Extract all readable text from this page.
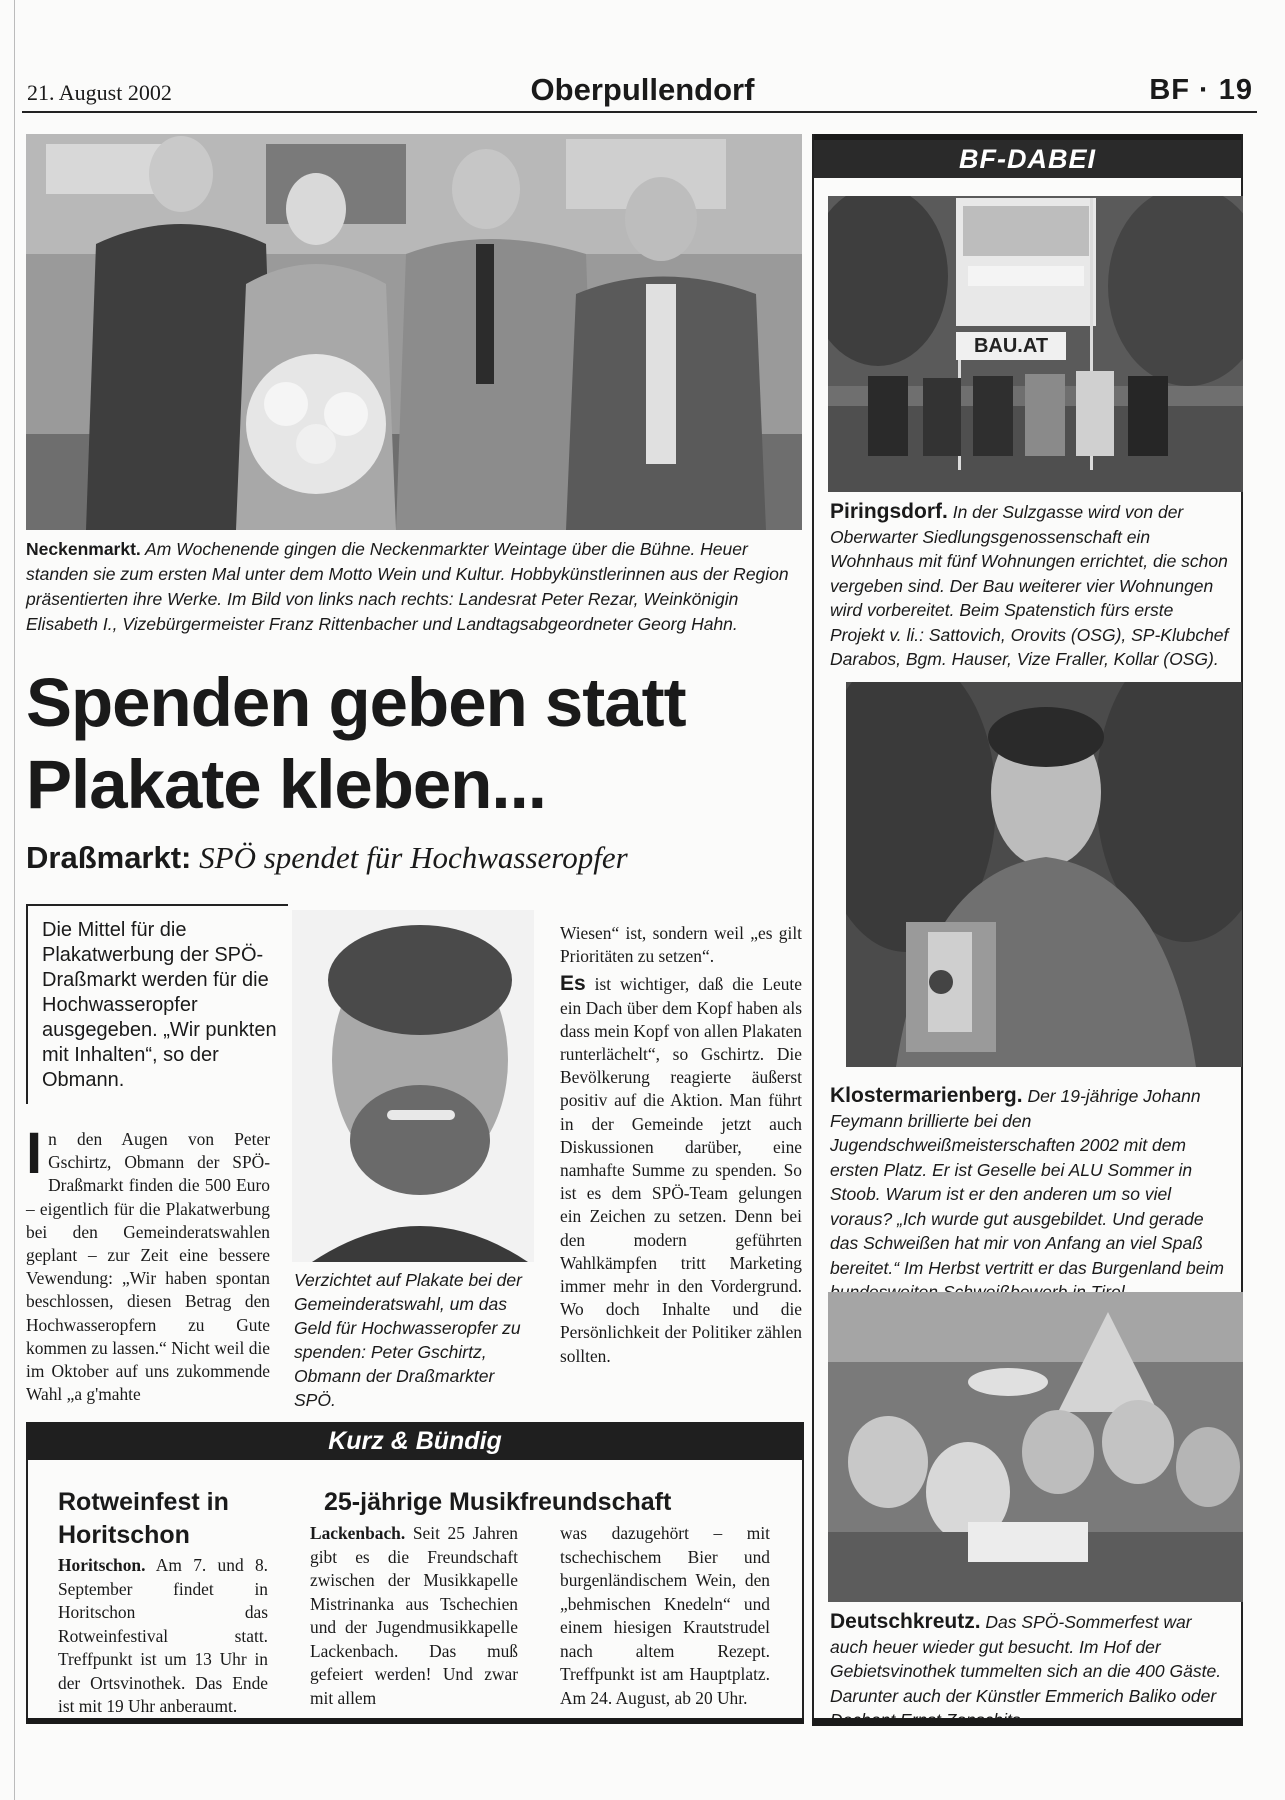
21. August 2002	Oberpullendorf	BF · 19
Neckenmarkt. Am Wochenende gingen die Neckenmarkter Weintage über die Bühne. Heuer standen sie zum ersten Mal unter dem Motto Wein und Kultur. Hobbykünstlerinnen aus der Region präsentierten ihre Werke. Im Bild von links nach rechts: Landesrat Peter Rezar, Weinkönigin Elisabeth I., Vizebürgermeister Franz Rittenbacher und Landtagsabgeordneter Georg Hahn.
Spenden geben statt
Plakate kleben...
Draßmarkt: SPÖ spendet für Hochwasseropfer
Die Mittel für die Plakatwerbung der SPÖ-Draßmarkt werden für die Hochwasseropfer ausgegeben. „Wir punkten mit Inhalten“, so der Obmann.
In den Augen von Peter Gschirtz, Obmann der SPÖ-Draßmarkt finden die 500 Euro – eigentlich für die Plakatwerbung bei den Gemeinderatswahlen geplant – zur Zeit eine bessere Vewendung: „Wir haben spontan beschlossen, diesen Betrag den Hochwasseropfern zu Gute kommen zu lassen.“ Nicht weil die im Oktober auf uns zukommende Wahl „a g'mahte
Verzichtet auf Plakate bei der Gemeinderatswahl, um das Geld für Hochwasseropfer zu spenden: Peter Gschirtz, Obmann der Draßmarkter SPÖ.

Wiesen“ ist, sondern weil „es gilt Prioritäten zu setzen“.

Es ist wichtiger, daß die Leute ein Dach über dem Kopf haben als dass mein Kopf von allen Plakaten runterlächelt“, so Gschirtz. Die Bevölkerung reagierte äußerst positiv auf die Aktion. Man führt in der Gemeinde jetzt auch Diskussionen darüber, eine namhafte Summe zu spenden. So ist es dem SPÖ-Team gelungen ein Zeichen zu setzen. Denn bei den modern geführten Wahlkämpfen tritt Marketing immer mehr in den Vordergrund. Wo doch Inhalte und die Persönlichkeit der Politiker zählen sollten.

Kurz & Bündig
Rotweinfest in Horitschon

Horitschon. Am 7. und 8. September findet in Horitschon das Rotweinfestival statt. Treffpunkt ist um 13 Uhr in der Ortsvinothek. Das Ende ist mit 19 Uhr anberaumt.

25-jährige Musikfreundschaft
Lackenbach. Seit 25 Jahren gibt es die Freundschaft zwischen der Musikkapelle Mistrinanka aus Tschechien und der Jugendmusikkapelle Lackenbach. Das muß gefeiert werden! Und zwar mit allem
was dazugehört – mit tschechischem Bier und burgenländischem Wein, den „behmischen Knedeln“ und einem hiesigen Krautstrudel nach altem Rezept. Treffpunkt ist am Hauptplatz. Am 24. August, ab 20 Uhr.
BF-DABEI
BAU.AT
Piringsdorf. In der Sulzgasse wird von der Oberwarter Siedlungsgenossenschaft ein Wohnhaus mit fünf Wohnungen errichtet, die schon vergeben sind. Der Bau weiterer vier Wohnungen wird vorbereitet. Beim Spatenstich fürs erste Projekt v. li.: Sattovich, Orovits (OSG), SP-Klubchef Darabos, Bgm. Hauser, Vize Fraller, Kollar (OSG).
Klostermarienberg. Der 19-jährige Johann Feymann brillierte bei den Jugendschweißmeisterschaften 2002 mit dem ersten Platz. Er ist Geselle bei ALU Sommer in Stoob. Warum ist er den anderen um so viel voraus? „Ich wurde gut ausgebildet. Und gerade das Schweißen hat mir von Anfang an viel Spaß bereitet.“ Im Herbst vertritt er das Burgenland beim
Deutschkreutz. Das SPÖ-Sommerfest war auch heuer wieder gut besucht. Im Hof der Gebietsvinothek tummelten sich an die 400 Gäste. Darunter auch der Künstler Emmerich Baliko oder Dechant Ernst Zonschits.
